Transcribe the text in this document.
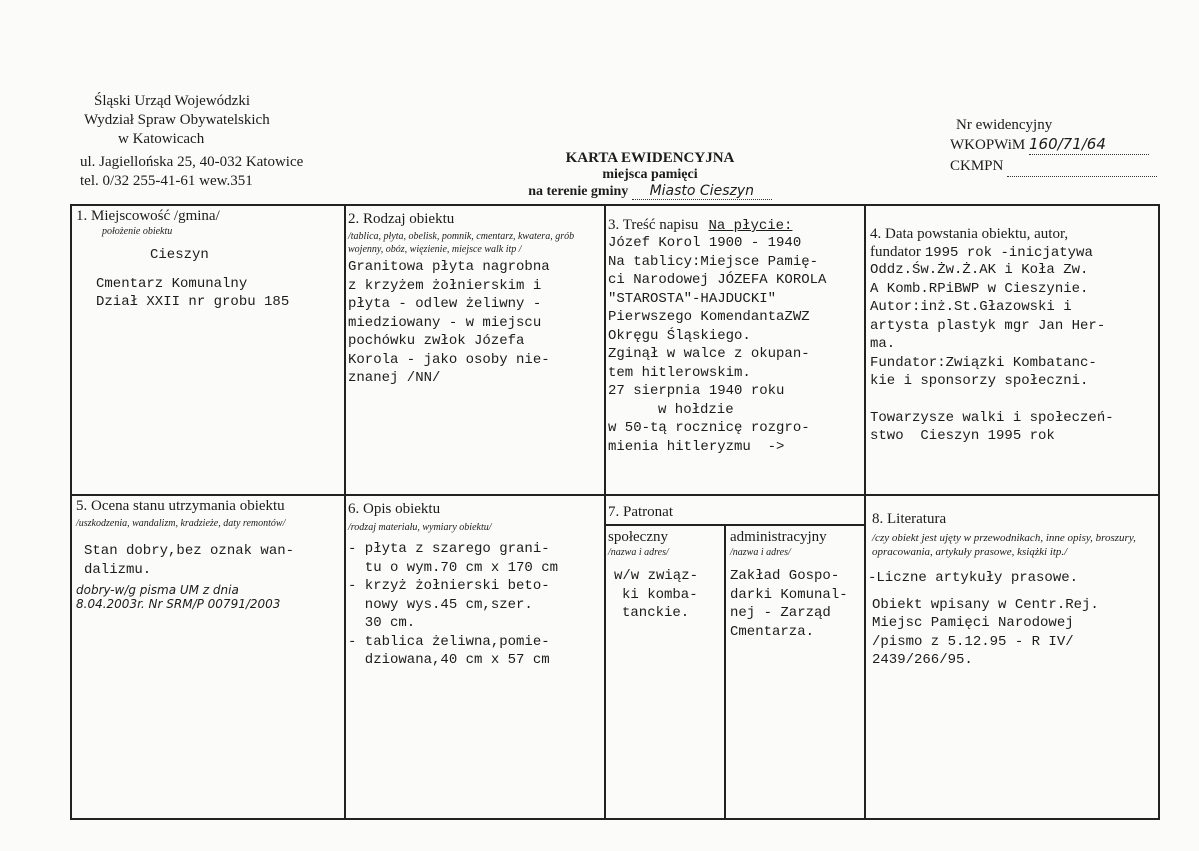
Śląski Urząd Wojewódzki
Wydział Spraw Obywatelskich
w Katowicach
ul. Jagiellońska 25, 40-032 Katowice
tel. 0/32 255-41-61 wew.351
KARTA EWIDENCYJNA
miejsca pamięci
na terenie gminy Miasto Cieszyn
Nr ewidencyjny
WKOPWiM 160/71/64
CKMPN
1. Miejscowość /gmina/
położenie obiektu
Cieszyn
Cmentarz Komunalny
Dział XXII nr grobu 185
2. Rodzaj obiektu
/tablica, płyta, obelisk, pomnik, cmentarz, kwatera, grób wojenny, obóz, więzienie, miejsce walk itp /
Granitowa płyta nagrobna
z krzyżem żołnierskim i
płyta - odlew żeliwny -
miedziowany - w miejscu
pochówku zwłok Józefa
Korola - jako osoby nie-
znanej /NN/
3. Treść napisu Na płycie:
Józef Korol 1900 - 1940
Na tablicy:Miejsce Pamię-
ci Narodowej JÓZEFA KOROLA
"STAROSTA"-HAJDUCKI"
Pierwszego KomendantaZWZ
Okręgu Śląskiego.
Zginął w walce z okupan-
tem hitlerowskim.
27 sierpnia 1940 roku
w hołdzie
w 50-tą rocznicę rozgro-
mienia hitleryzmu  ->
4. Data powstania obiektu, autor,
fundator 1995 rok -inicjatywa
Oddz.Św.Żw.Ż.AK i Koła Zw.
A Komb.RPiBWP w Cieszynie.
Autor:inż.St.Głazowski i
artysta plastyk mgr Jan Her-
ma.
Fundator:Związki Kombatanc-
kie i sponsorzy społeczni.
Towarzysze walki i społeczeń-
stwo  Cieszyn 1995 rok
5. Ocena stanu utrzymania obiektu
/uszkodzenia, wandalizm, kradzieże, daty remontów/
Stan dobry,bez oznak wan-
dalizmu.
dobry-w/g pisma UM z dnia
8.04.2003r. Nr SRM/P 00791/2003
6. Opis obiektu
/rodzaj materiału, wymiary obiektu/
- płyta z szarego grani-
tu o wym.70 cm x 170 cm
- krzyż żołnierski beto-
nowy wys.45 cm,szer.
30 cm.
- tablica żeliwna,pomie-
dziowana,40 cm x 57 cm
7. Patronat
społeczny
/nazwa i adres/
w/w związ-
ki komba-
tanckie.
administracyjny
/nazwa i adres/
Zakład Gospo-
darki Komunal-
nej - Zarząd
Cmentarza.
8. Literatura
/czy obiekt jest ujęty w przewodnikach, inne opisy, broszury, opracowania, artykuły prasowe, książki itp./
-Liczne artykuły prasowe.
Obiekt wpisany w Centr.Rej.
Miejsc Pamięci Narodowej
/pismo z 5.12.95 - R IV/
2439/266/95.
